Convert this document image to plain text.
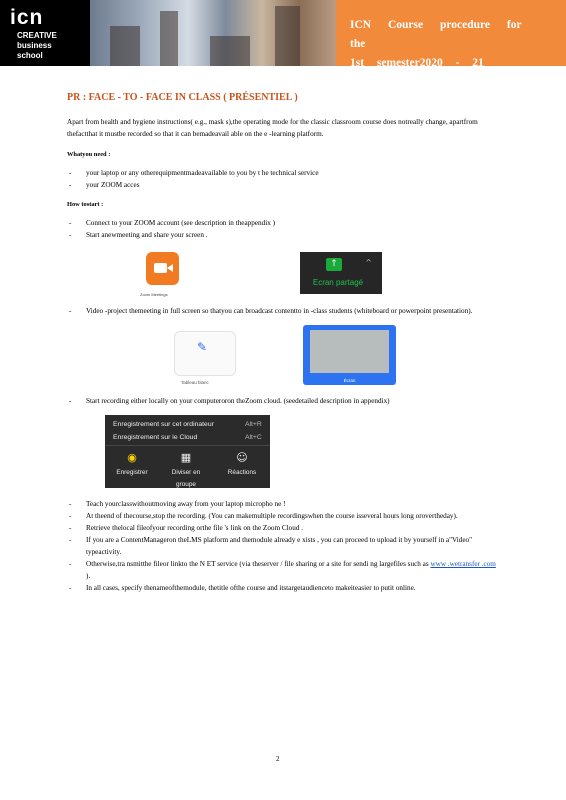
icn
CREATIVE
business
school
ICN Course procedure for the
1st semester2020 - 21
PR : FACE - TO - FACE IN CLASS ( PRÉSENTIEL )

Apart from health and hygiene instructions( e.g., mask s),the operating mode for the classic classroom course does notreally change, apartfrom thefactthat it mustbe recorded so that it can bemadeavail able on the e -learning platform.

Whatyou need :
- your laptop or any otherequipmentmadeavailable to you by t he technical service
- your ZOOM acces
How tostart :
- Connect to your ZOOM account (see description in theappendix )
- Start anewmeeting and share your screen .
Zoom Meetings
↑	^
Ecran partagé
- Video -project themeeting in full screen so thatyou can broadcast contentto in -class students (whiteboard or powerpoint presentation).
✎
Tableau blanc	Écran
- Start recording either locally on your computeroron theZoom cloud. (seedetailed description in appendix)
Enregistrement sur cet ordinateur	Alt+R
Enregistrement sur le Cloud	Alt+C
◉
Enregistrer
▦
Diviser en groupe
☺
Réactions
- Teach yourclasswithoutmoving away from your laptop micropho ne !
- At theend of thecourse,stop the recording. (You can makemultiple recordingswhen the course isseveral hours long orovertheday).
- Retrieve thelocal fileofyour recording orthe file 's link on the Zoom Cloud .
- If you are a ContentManageron theLMS platform and themodule already e xists , you can proceed to upload it by yourself in a"Video" typeactivity.
- Otherwise,tra nsmitthe fileor linkto the N ET service (via theserver / file sharing or a site for sendi ng largefiles such as www .wetransfer .com ).
- In all cases, specify thenameofthemodule, thetitle ofthe course and itstargetaudienceto makeiteasier to putit online.
2
